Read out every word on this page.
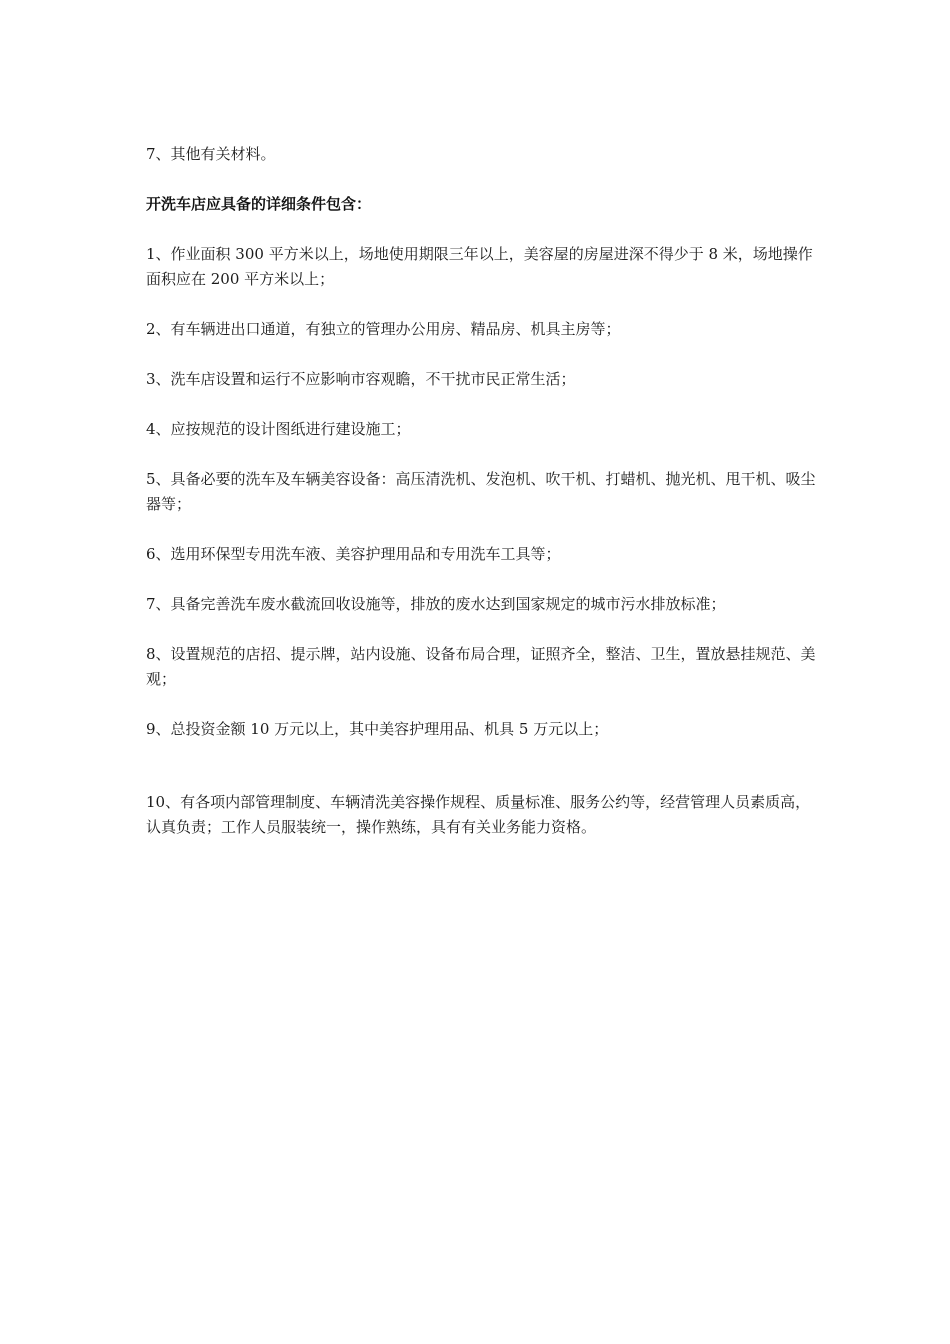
7、其他有关材料。

开洗车店应具备的详细条件包含：

1、作业面积 300 平方米以上，场地使用期限三年以上，美容屋的房屋进深不得少于 8 米，场地操作面积应在 200 平方米以上；

2、有车辆进出口通道，有独立的管理办公用房、精品房、机具主房等；

3、洗车店设置和运行不应影响市容观瞻，不干扰市民正常生活；

4、应按规范的设计图纸进行建设施工；

5、具备必要的洗车及车辆美容设备：高压清洗机、发泡机、吹干机、打蜡机、抛光机、甩干机、吸尘器等；

6、选用环保型专用洗车液、美容护理用品和专用洗车工具等；

7、具备完善洗车废水截流回收设施等，排放的废水达到国家规定的城市污水排放标准；

8、设置规范的店招、提示牌，站内设施、设备布局合理，证照齐全，整洁、卫生，置放悬挂规范、美观；

9、总投资金额 10 万元以上，其中美容护理用品、机具 5 万元以上；

10、有各项内部管理制度、车辆清洗美容操作规程、质量标准、服务公约等，经营管理人员素质高，认真负责；工作人员服装统一，操作熟练，具有有关业务能力资格。
